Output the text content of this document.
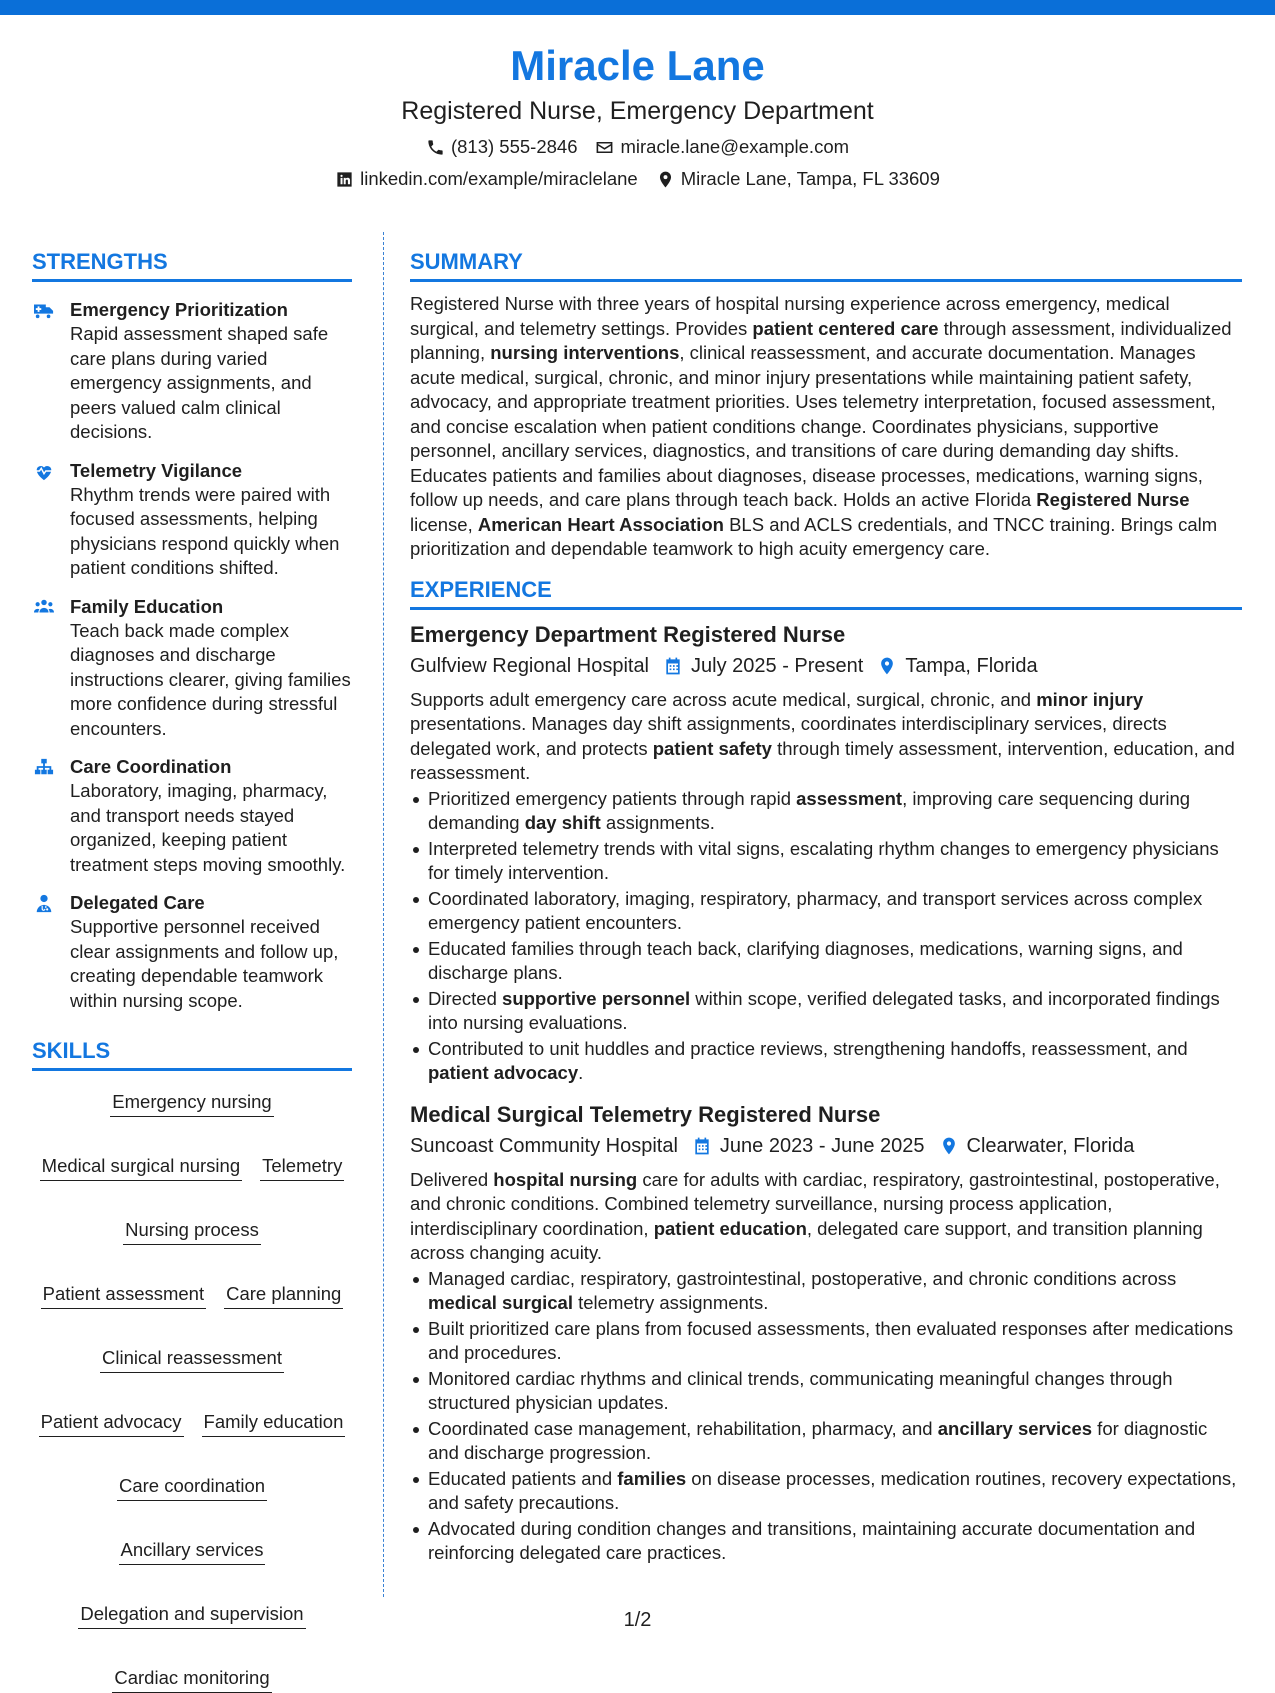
Miracle Lane
Registered Nurse, Emergency Department
(813) 555-2846 miracle.lane@example.com
linkedin.com/example/miraclelane Miracle Lane, Tampa, FL 33609
STRENGTHS
Emergency Prioritization
Rapid assessment shaped safe care plans during varied emergency assignments, and peers valued calm clinical decisions.
Telemetry Vigilance
Rhythm trends were paired with focused assessments, helping physicians respond quickly when patient conditions shifted.
Family Education
Teach back made complex diagnoses and discharge instructions clearer, giving families more confidence during stressful encounters.
Care Coordination
Laboratory, imaging, pharmacy, and transport needs stayed organized, keeping patient treatment steps moving smoothly.
Delegated Care
Supportive personnel received clear assignments and follow up, creating dependable teamwork within nursing scope.
SKILLS
Emergency nursing
Medical surgical nursing Telemetry
Nursing process
Patient assessment Care planning
Clinical reassessment
Patient advocacy Family education
Care coordination
Ancillary services
Delegation and supervision
Cardiac monitoring
SUMMARY
Registered Nurse with three years of hospital nursing experience across emergency, medical surgical, and telemetry settings. Provides patient centered care through assessment, individualized planning, nursing interventions, clinical reassessment, and accurate documentation. Manages acute medical, surgical, chronic, and minor injury presentations while maintaining patient safety, advocacy, and appropriate treatment priorities. Uses telemetry interpretation, focused assessment, and concise escalation when patient conditions change. Coordinates physicians, supportive personnel, ancillary services, diagnostics, and transitions of care during demanding day shifts. Educates patients and families about diagnoses, disease processes, medications, warning signs, follow up needs, and care plans through teach back. Holds an active Florida Registered Nurse license, American Heart Association BLS and ACLS credentials, and TNCC training. Brings calm prioritization and dependable teamwork to high acuity emergency care.
EXPERIENCE
Emergency Department Registered Nurse
Gulfview Regional Hospital July 2025 - Present Tampa, Florida
Supports adult emergency care across acute medical, surgical, chronic, and minor injury presentations. Manages day shift assignments, coordinates interdisciplinary services, directs delegated work, and protects patient safety through timely assessment, intervention, education, and reassessment.
Prioritized emergency patients through rapid assessment, improving care sequencing during demanding day shift assignments.
Interpreted telemetry trends with vital signs, escalating rhythm changes to emergency physicians for timely intervention.
Coordinated laboratory, imaging, respiratory, pharmacy, and transport services across complex emergency patient encounters.
Educated families through teach back, clarifying diagnoses, medications, warning signs, and discharge plans.
Directed supportive personnel within scope, verified delegated tasks, and incorporated findings into nursing evaluations.
Contributed to unit huddles and practice reviews, strengthening handoffs, reassessment, and patient advocacy.
Medical Surgical Telemetry Registered Nurse
Suncoast Community Hospital June 2023 - June 2025 Clearwater, Florida
Delivered hospital nursing care for adults with cardiac, respiratory, gastrointestinal, postoperative, and chronic conditions. Combined telemetry surveillance, nursing process application, interdisciplinary coordination, patient education, delegated care support, and transition planning across changing acuity.
Managed cardiac, respiratory, gastrointestinal, postoperative, and chronic conditions across medical surgical telemetry assignments.
Built prioritized care plans from focused assessments, then evaluated responses after medications and procedures.
Monitored cardiac rhythms and clinical trends, communicating meaningful changes through structured physician updates.
Coordinated case management, rehabilitation, pharmacy, and ancillary services for diagnostic and discharge progression.
Educated patients and families on disease processes, medication routines, recovery expectations, and safety precautions.
Advocated during condition changes and transitions, maintaining accurate documentation and reinforcing delegated care practices.
1/2
